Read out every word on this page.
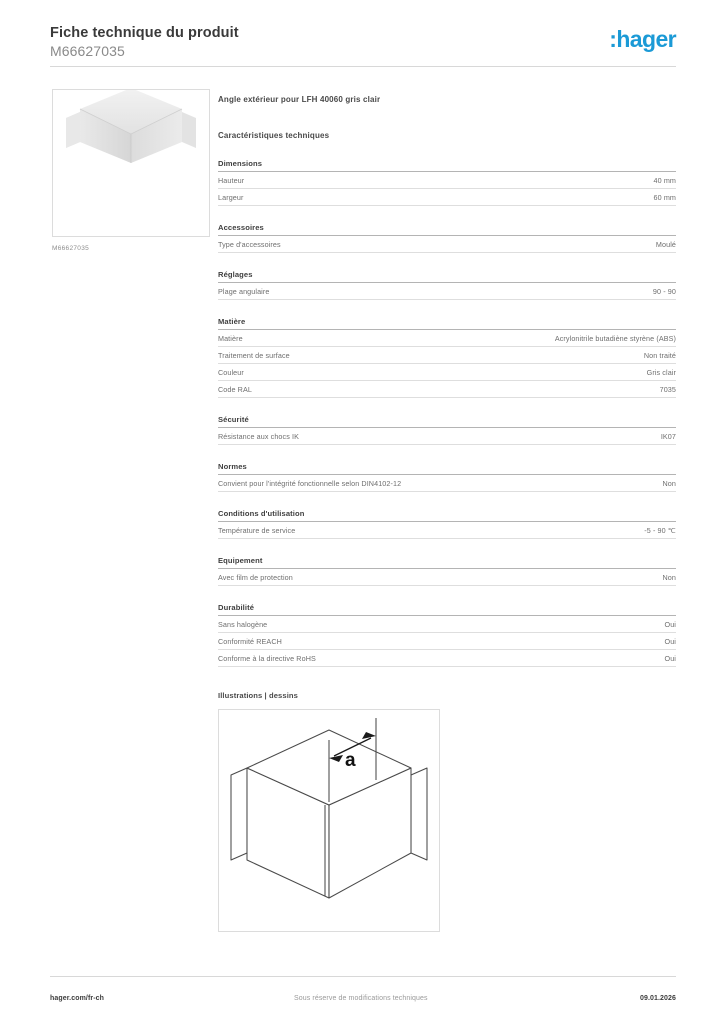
Fiche technique du produit
M66627035	:hager
M66627035
Angle extérieur pour LFH 40060 gris clair
Caractéristiques techniques
Dimensions
Hauteur	40 mm
Largeur	60 mm
Accessoires
Type d'accessoires	Moulé
Réglages
Plage angulaire	90 - 90
Matière
Matière	Acrylonitrile butadiène styrène (ABS)
Traitement de surface	Non traité
Couleur	Gris clair
Code RAL	7035
Sécurité
Résistance aux chocs IK	IK07
Normes
Convient pour l'intégrité fonctionnelle selon DIN4102-12	Non
Conditions d'utilisation
Température de service	-5 - 90 ℃
Equipement
Avec film de protection	Non
Durabilité
Sans halogène	Oui
Conformité REACH	Oui
Conforme à la directive RoHS	Oui
Illustrations | dessins
a
hager.com/fr-ch	Sous réserve de modifications techniques	09.01.2026
